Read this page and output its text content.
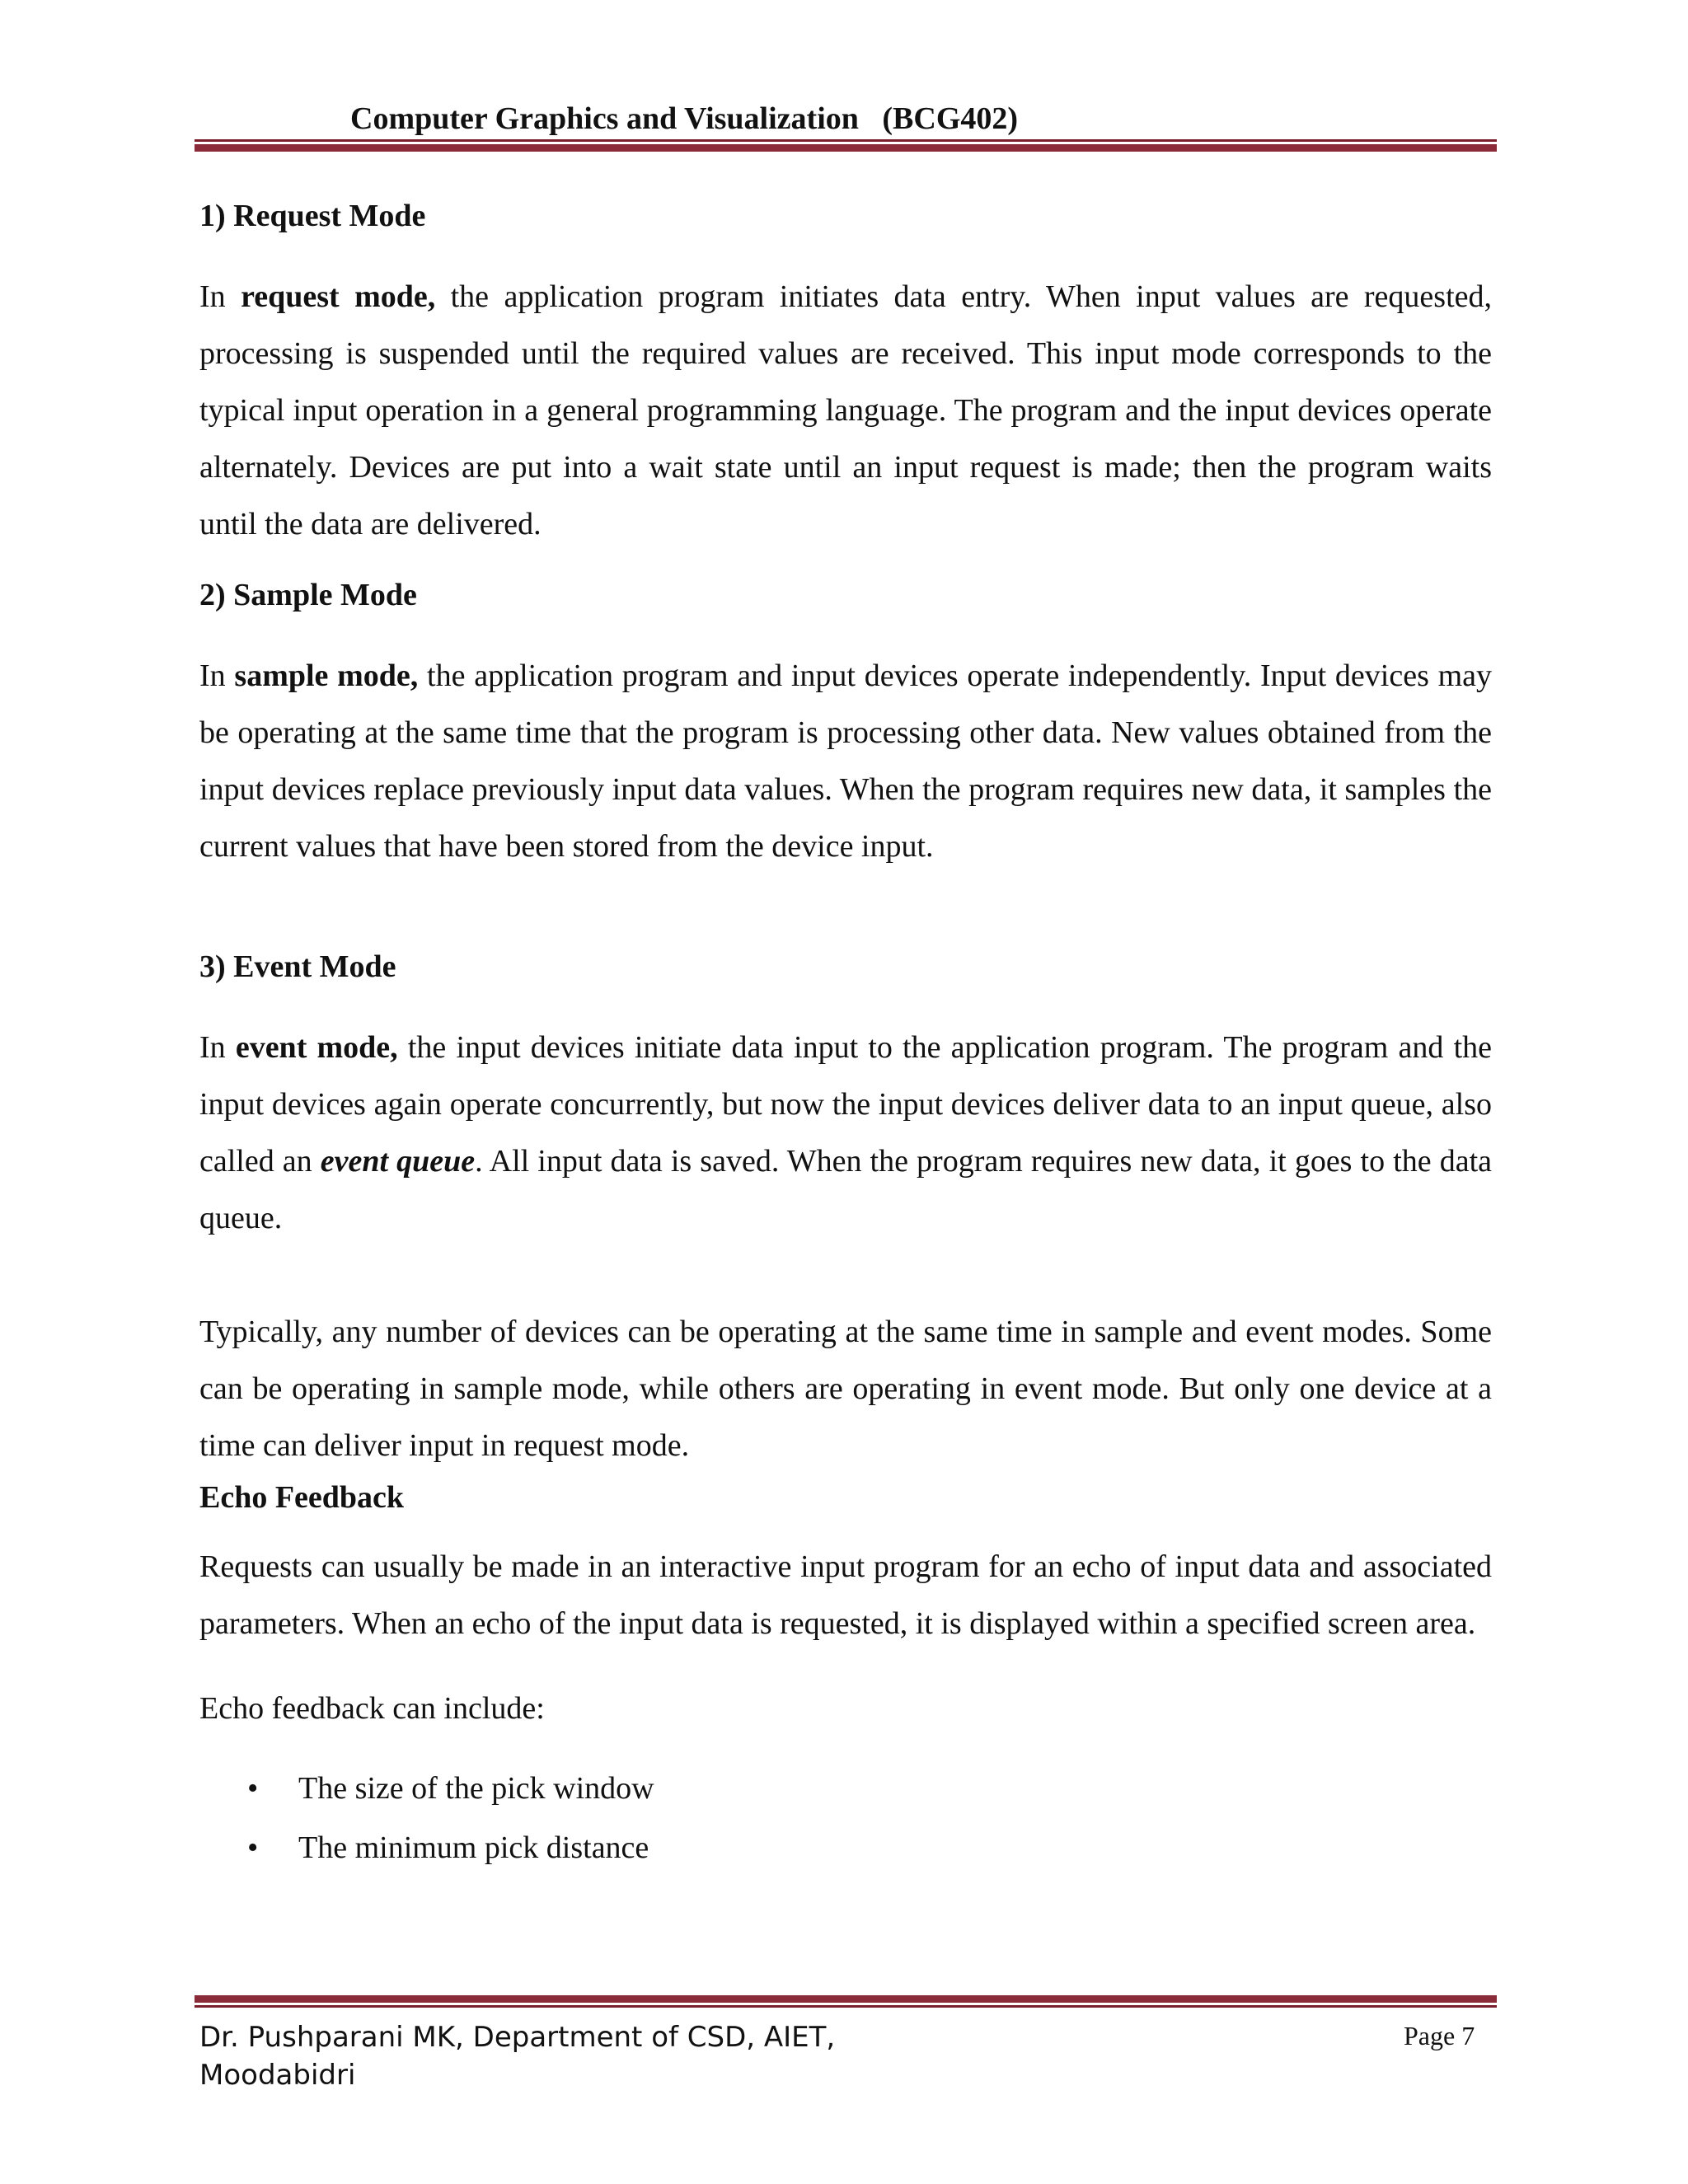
Computer Graphics and Visualization   (BCG402)
1) Request Mode

In request mode, the application program initiates data entry. When input values are requested, processing is suspended until the required values are received. This input mode corresponds to the typical input operation in a general programming language. The program and the input devices operate alternately. Devices are put into a wait state until an input request is made; then the program waits until the data are delivered.

2) Sample Mode

In sample mode, the application program and input devices operate independently. Input devices may be operating at the same time that the program is processing other data. New values obtained from the input devices replace previously input data values. When the program requires new data, it samples the current values that have been stored from the device input.

3) Event Mode

In event mode, the input devices initiate data input to the application program. The program and the input devices again operate concurrently, but now the input devices deliver data to an input queue, also called an event queue. All input data is saved. When the program requires new data, it goes to the data queue.

Typically, any number of devices can be operating at the same time in sample and event modes. Some can be operating in sample mode, while others are operating in event mode. But only one device at a time can deliver input in request mode.

Echo Feedback

Requests can usually be made in an interactive input program for an echo of input data and associated parameters. When an echo of the input data is requested, it is displayed within a specified screen area.

Echo feedback can include:

• The size of the pick window
• The minimum pick distance
Dr. Pushparani MK, Department of CSD, AIET, Moodabidri
Page 7
